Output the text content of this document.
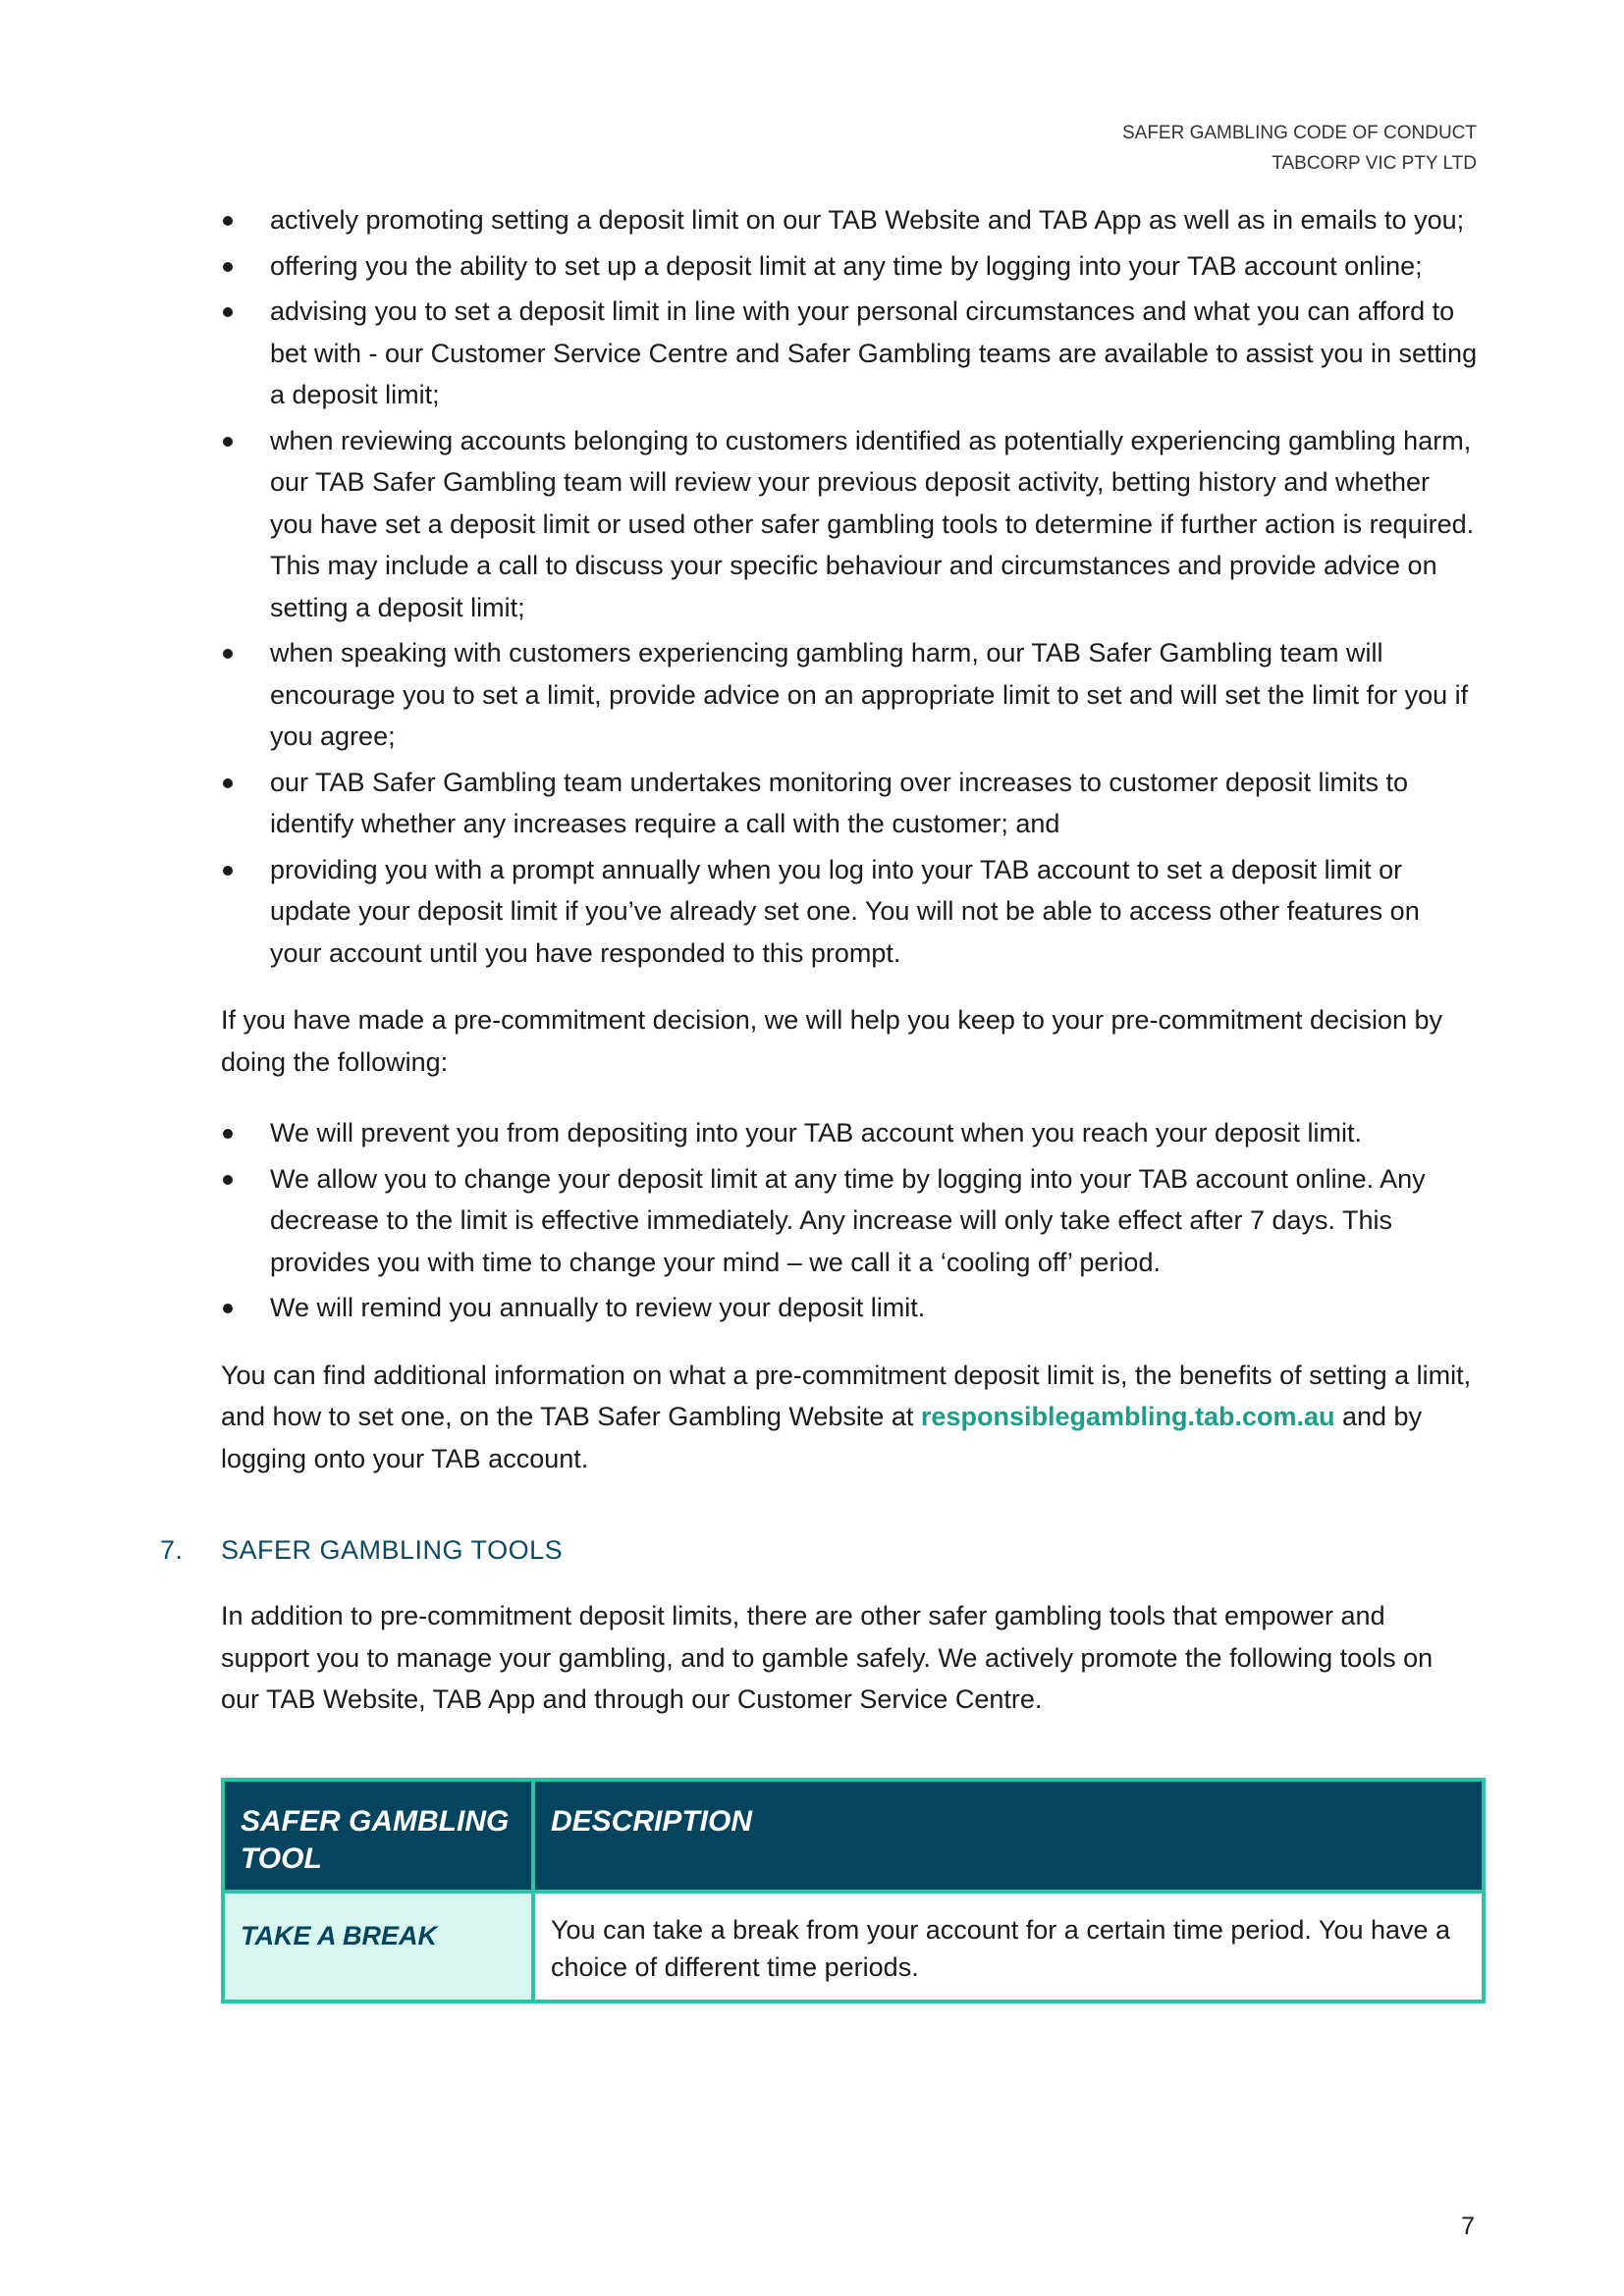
SAFER GAMBLING CODE OF CONDUCT
TABCORP VIC PTY LTD
actively promoting setting a deposit limit on our TAB Website and TAB App as well as in emails to you;
offering you the ability to set up a deposit limit at any time by logging into your TAB account online;
advising you to set a deposit limit in line with your personal circumstances and what you can afford to bet with - our Customer Service Centre and Safer Gambling teams are available to assist you in setting a deposit limit;
when reviewing accounts belonging to customers identified as potentially experiencing gambling harm, our TAB Safer Gambling team will review your previous deposit activity, betting history and whether you have set a deposit limit or used other safer gambling tools to determine if further action is required. This may include a call to discuss your specific behaviour and circumstances and provide advice on setting a deposit limit;
when speaking with customers experiencing gambling harm, our TAB Safer Gambling team will encourage you to set a limit, provide advice on an appropriate limit to set and will set the limit for you if you agree;
our TAB Safer Gambling team undertakes monitoring over increases to customer deposit limits to identify whether any increases require a call with the customer; and
providing you with a prompt annually when you log into your TAB account to set a deposit limit or update your deposit limit if you’ve already set one. You will not be able to access other features on your account until you have responded to this prompt.

If you have made a pre-commitment decision, we will help you keep to your pre-commitment decision by doing the following:

We will prevent you from depositing into your TAB account when you reach your deposit limit.
We allow you to change your deposit limit at any time by logging into your TAB account online. Any decrease to the limit is effective immediately. Any increase will only take effect after 7 days. This provides you with time to change your mind – we call it a ‘cooling off’ period.
We will remind you annually to review your deposit limit.

You can find additional information on what a pre-commitment deposit limit is, the benefits of setting a limit, and how to set one, on the TAB Safer Gambling Website at responsiblegambling.tab.com.au and by logging onto your TAB account.

7. SAFER GAMBLING TOOLS

In addition to pre-commitment deposit limits, there are other safer gambling tools that empower and support you to manage your gambling, and to gamble safely. We actively promote the following tools on our TAB Website, TAB App and through our Customer Service Centre.

SAFER GAMBLING TOOL	DESCRIPTION
TAKE A BREAK	You can take a break from your account for a certain time period. You have a choice of different time periods.
7
